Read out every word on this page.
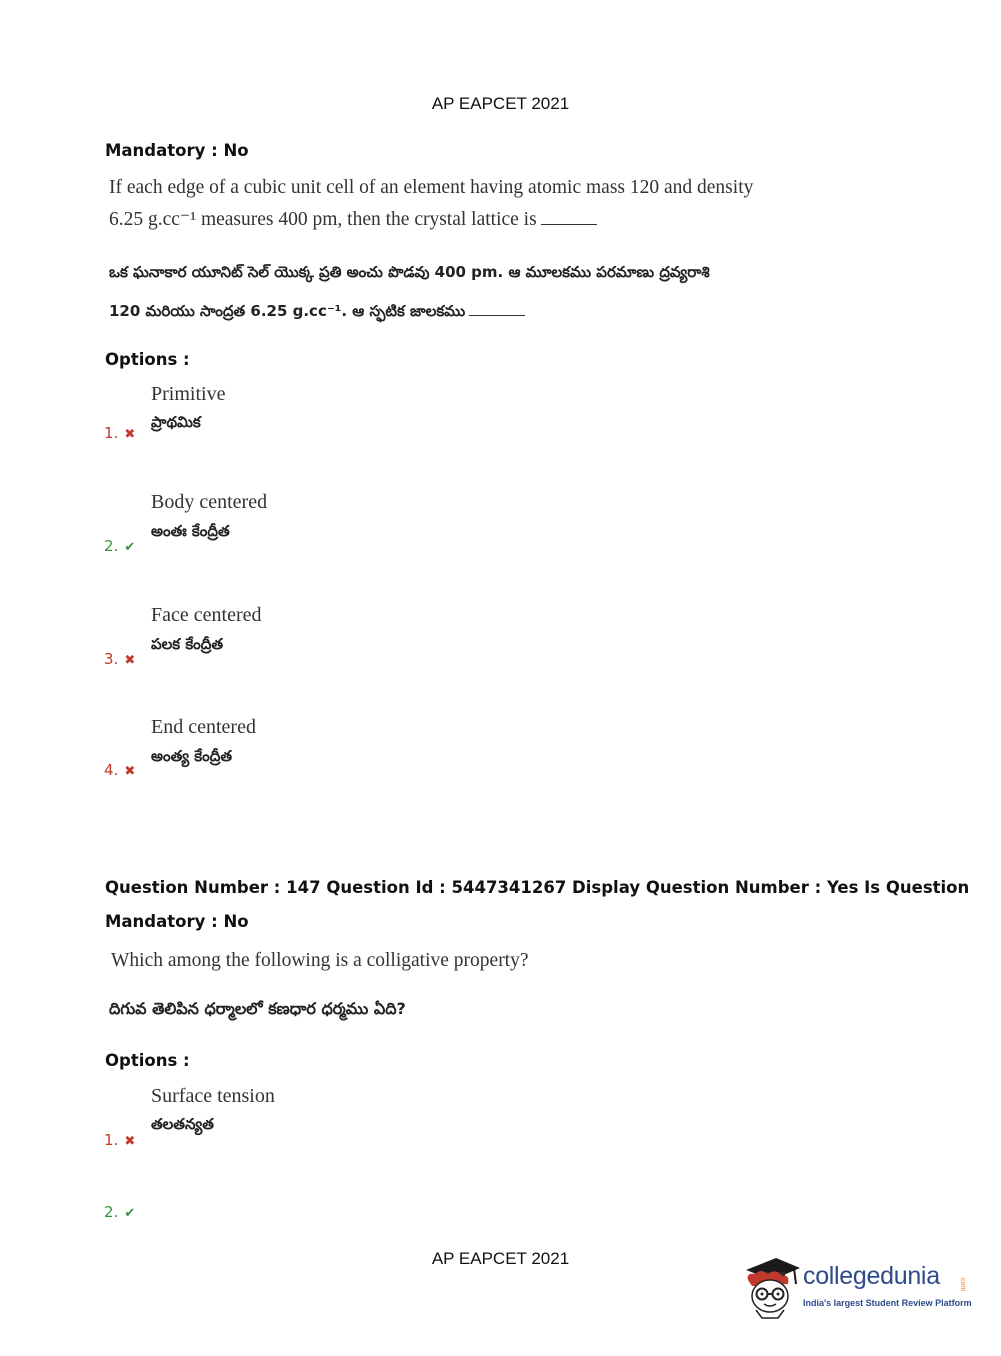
AP EAPCET 2021
Mandatory : No
If each edge of a cubic unit cell of an element having atomic mass 120 and density
6.25 g.cc⁻¹ measures 400 pm, then the crystal lattice is
ఒక ఘనాకార యూనిట్ సెల్ యొక్క ప్రతి అంచు పొడవు 400 pm. ఆ మూలకము పరమాణు ద్రవ్యరాశి
120 మరియు సాంద్రత 6.25 g.cc⁻¹. ఆ స్ఫటిక జాలకము
Options :
Primitive
ప్రాథమిక
1. ✖
Body centered
అంతః కేంద్రీత
2. ✔
Face centered
పలక కేంద్రీత
3. ✖
End centered
అంత్య కేంద్రీత
4. ✖
Question Number : 147 Question Id : 5447341267 Display Question Number : Yes Is Question
Mandatory : No
Which among the following is a colligative property?
దిగువ తెలిపిన ధర్మాలలో కణధార ధర్మము ఏది?
Options :
Surface tension
తలతన్యత
1. ✖
2. ✔
AP EAPCET 2021
collegedunia	.com
India's largest Student Review Platform
